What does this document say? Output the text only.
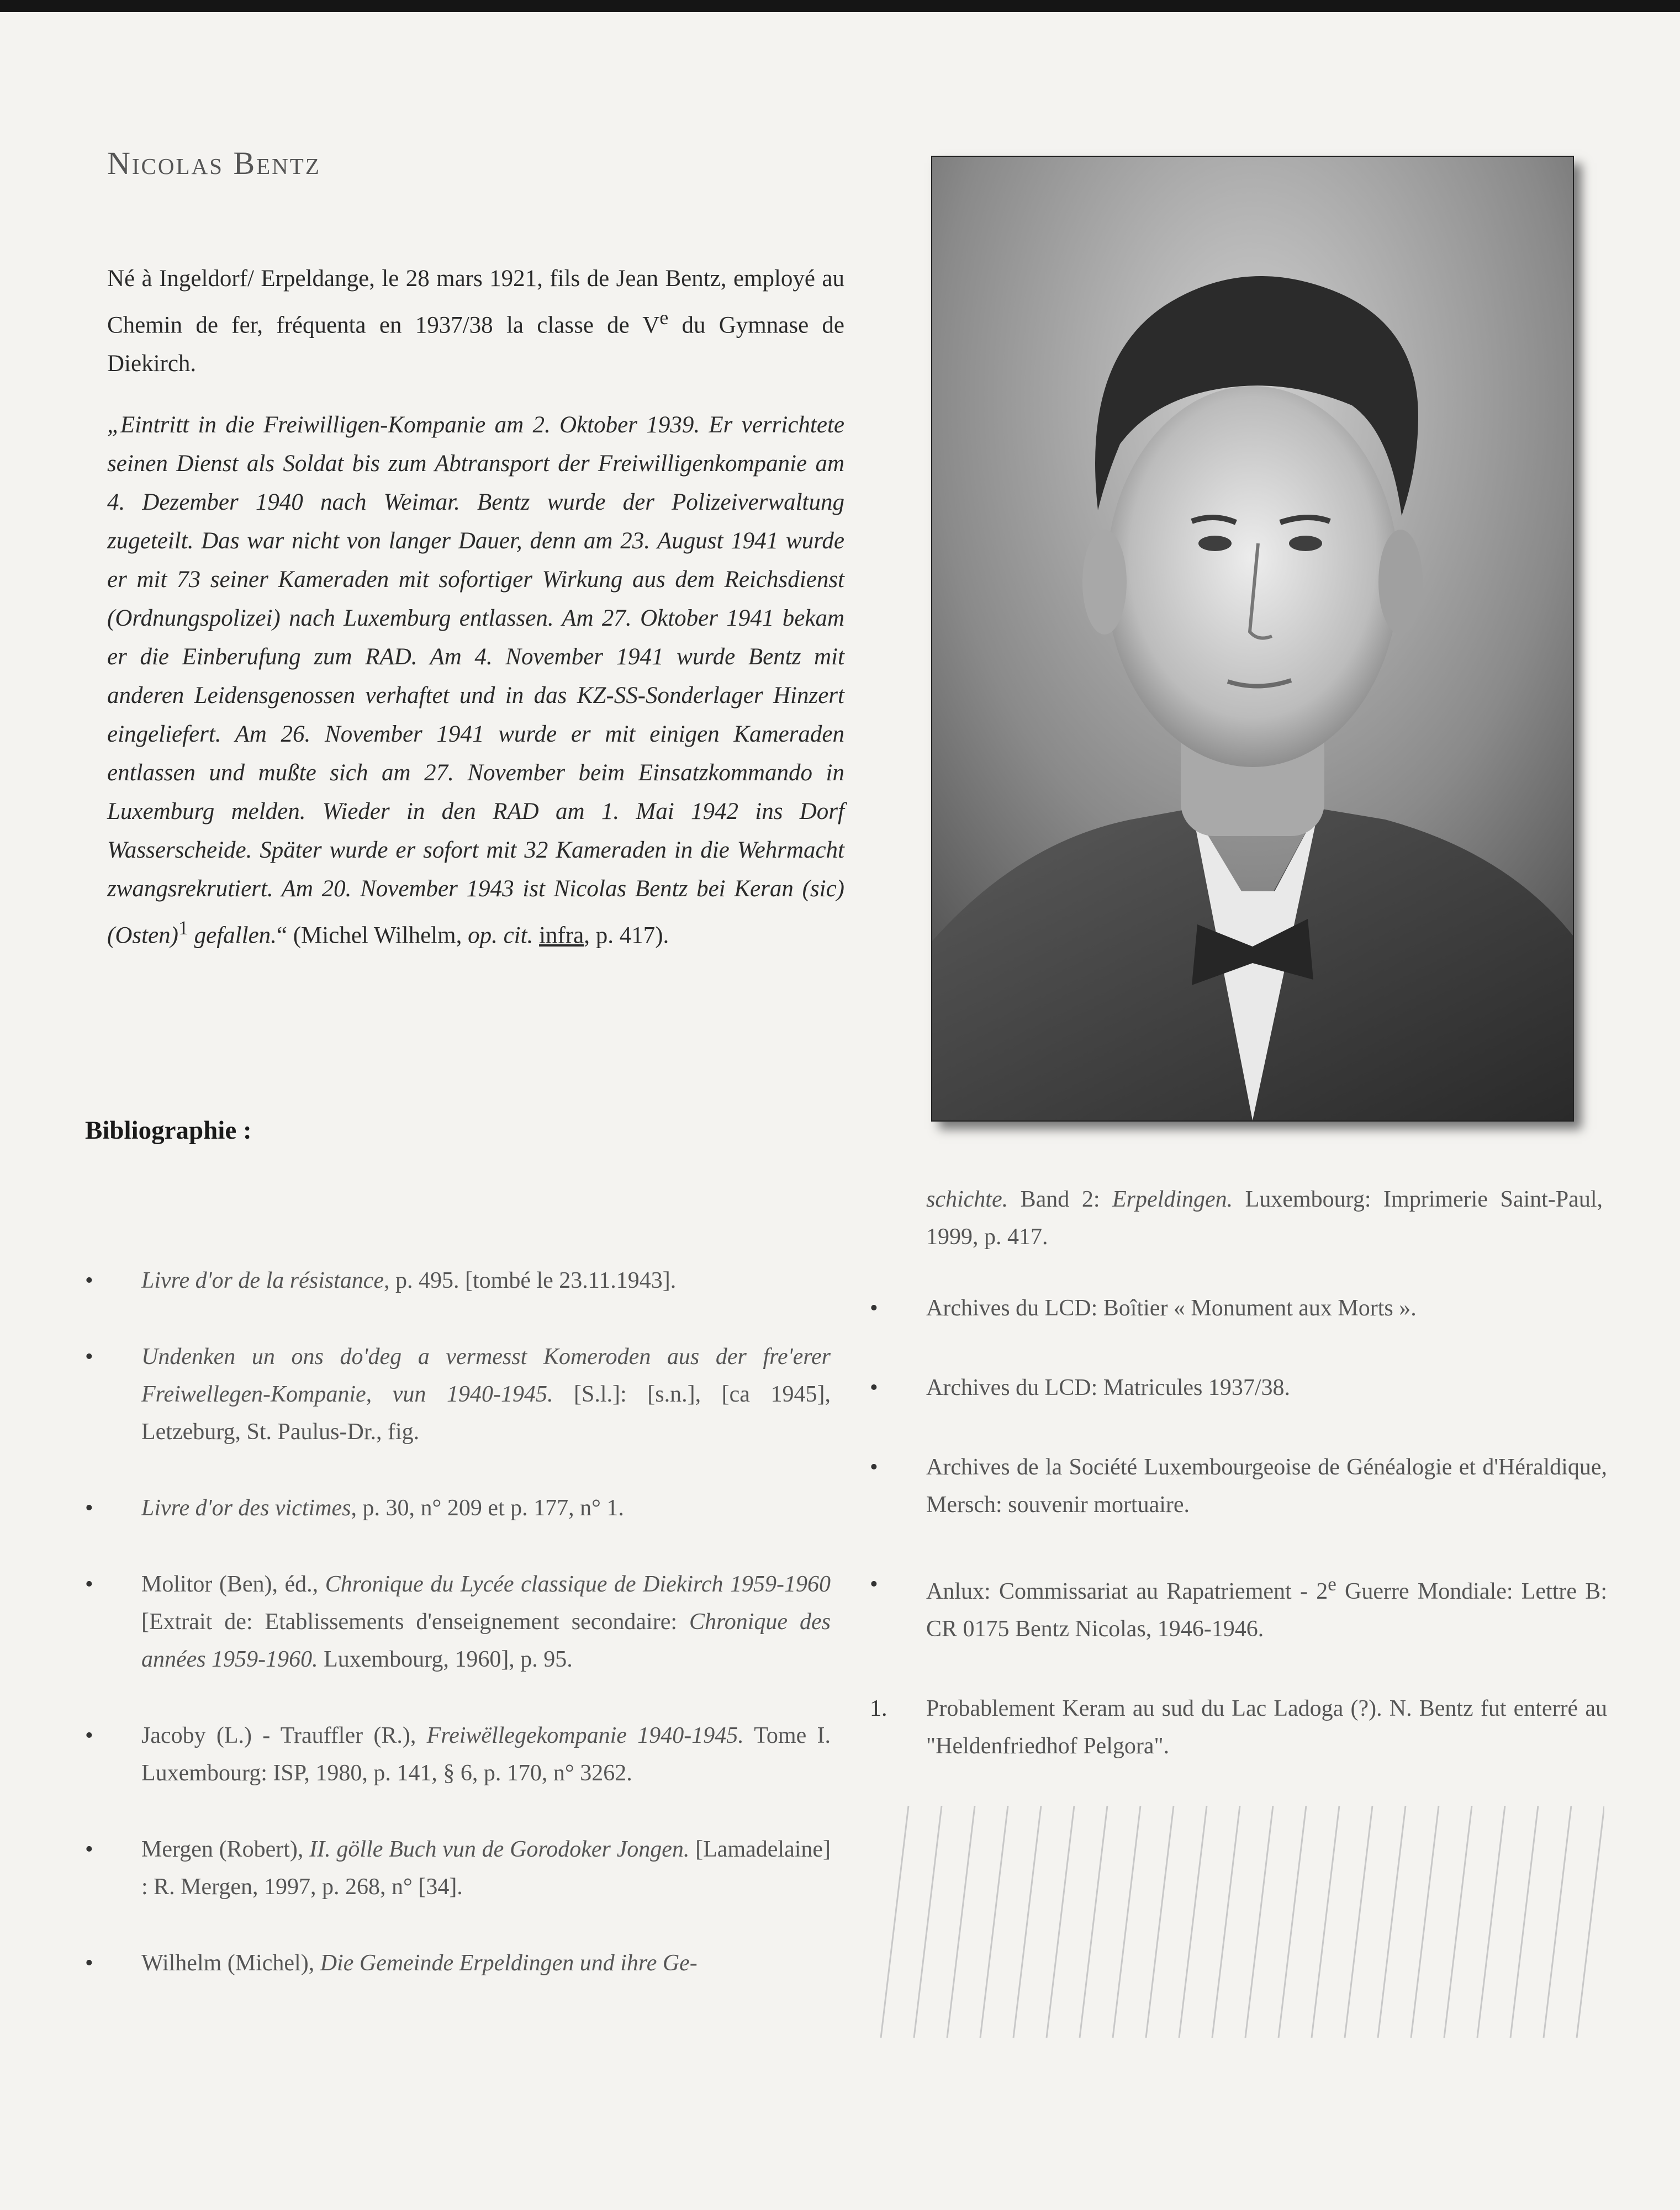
Nicolas Bentz

Né à Ingeldorf/ Erpeldange, le 28 mars 1921, fils de Jean Bentz, employé au Chemin de fer, fréquenta en 1937/38 la classe de Ve du Gymnase de Diekirch.

„Eintritt in die Freiwilligen-Kompanie am 2. Oktober 1939. Er verrichtete seinen Dienst als Soldat bis zum Abtransport der Freiwilligenkompanie am 4. Dezember 1940 nach Weimar. Bentz wurde der Polizeiverwaltung zugeteilt. Das war nicht von langer Dauer, denn am 23. August 1941 wurde er mit 73 seiner Kameraden mit sofortiger Wirkung aus dem Reichsdienst (Ordnungspolizei) nach Luxemburg entlassen. Am 27. Oktober 1941 bekam er die Einberufung zum RAD. Am 4. November 1941 wurde Bentz mit anderen Leidensgenossen verhaftet und in das KZ-SS-Sonderlager Hinzert eingeliefert. Am 26. November 1941 wurde er mit einigen Kameraden entlassen und mußte sich am 27. November beim Einsatzkommando in Luxemburg melden. Wieder in den RAD am 1. Mai 1942 ins Dorf Wasserscheide. Später wurde er sofort mit 32 Kameraden in die Wehrmacht zwangsrekrutiert. Am 20. November 1943 ist Nicolas Bentz bei Keran (sic) (Osten)$^1$ gefallen.“ (Michel Wilhelm, op. cit. infra, p. 417).

Bibliographie :
• Livre d'or de la résistance, p. 495. [tombé le 23.11.1943].
• Undenken un ons do'deg a vermesst Komeroden aus der fre'erer Freiwellegen-Kompanie, vun 1940-1945. [S.l.]: [s.n.], [ca 1945], Letzeburg, St. Paulus-Dr., fig.
• Livre d'or des victimes, p. 30, n° 209 et p. 177, n° 1.
• Molitor (Ben), éd., Chronique du Lycée classique de Diekirch 1959-1960 [Extrait de: Etablissements d'enseignement secondaire: Chronique des années 1959-1960. Luxembourg, 1960], p. 95.
• Jacoby (L.) - Trauffler (R.), Freiwëllegekompanie 1940-1945. Tome I. Luxembourg: ISP, 1980, p. 141, § 6, p. 170, n° 3262.
• Mergen (Robert), II. gölle Buch vun de Gorodoker Jongen. [Lamadelaine] : R. Mergen, 1997, p. 268, n° [34].
• Wilhelm (Michel), Die Gemeinde Erpeldingen und ihre Ge-

schichte. Band 2: Erpeldingen. Luxembourg: Imprimerie Saint-Paul, 1999, p. 417.

• Archives du LCD: Boîtier « Monument aux Morts ».
• Archives du LCD: Matricules 1937/38.
• Archives de la Société Luxembourgeoise de Généalogie et d'Héraldique, Mersch: souvenir mortuaire.
• Anlux: Commissariat au Rapatriement - 2e Guerre Mondiale: Lettre B: CR 0175 Bentz Nicolas, 1946-1946.
1. Probablement Keram au sud du Lac Ladoga (?). N. Bentz fut enterré au "Heldenfriedhof Pelgora".
